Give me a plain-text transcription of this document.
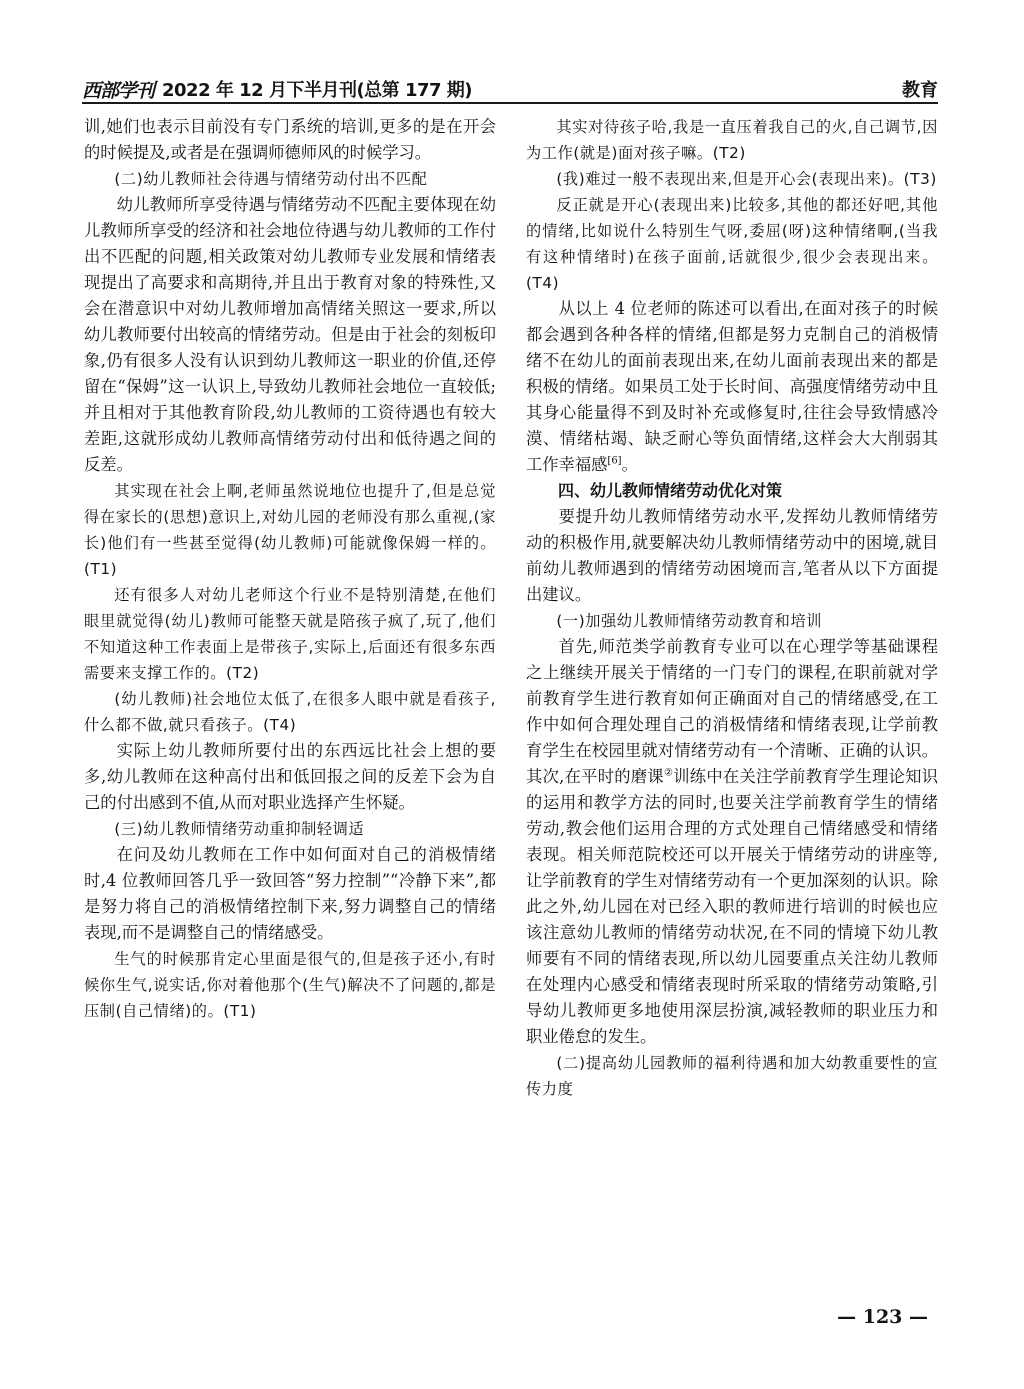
西部学刊 2022 年 12 月下半月刊(总第 177 期)	教育

训,她们也表示目前没有专门系统的培训,更多的是在开会的时候提及,或者是在强调师德师风的时候学习。

(二)幼儿教师社会待遇与情绪劳动付出不匹配

幼儿教师所享受待遇与情绪劳动不匹配主要体现在幼儿教师所享受的经济和社会地位待遇与幼儿教师的工作付出不匹配的问题,相关政策对幼儿教师专业发展和情绪表现提出了高要求和高期待,并且出于教育对象的特殊性,又会在潜意识中对幼儿教师增加高情绪关照这一要求,所以幼儿教师要付出较高的情绪劳动。但是由于社会的刻板印象,仍有很多人没有认识到幼儿教师这一职业的价值,还停留在“保姆”这一认识上,导致幼儿教师社会地位一直较低;并且相对于其他教育阶段,幼儿教师的工资待遇也有较大差距,这就形成幼儿教师高情绪劳动付出和低待遇之间的反差。

其实现在社会上啊,老师虽然说地位也提升了,但是总觉得在家长的(思想)意识上,对幼儿园的老师没有那么重视,(家长)他们有一些甚至觉得(幼儿教师)可能就像保姆一样的。(T1)

还有很多人对幼儿老师这个行业不是特别清楚,在他们眼里就觉得(幼儿)教师可能整天就是陪孩子疯了,玩了,他们不知道这种工作表面上是带孩子,实际上,后面还有很多东西需要来支撑工作的。(T2)

(幼儿教师)社会地位太低了,在很多人眼中就是看孩子,什么都不做,就只看孩子。(T4)

实际上幼儿教师所要付出的东西远比社会上想的要多,幼儿教师在这种高付出和低回报之间的反差下会为自己的付出感到不值,从而对职业选择产生怀疑。

(三)幼儿教师情绪劳动重抑制轻调适

在问及幼儿教师在工作中如何面对自己的消极情绪时,4 位教师回答几乎一致回答“努力控制”“冷静下来”,都是努力将自己的消极情绪控制下来,努力调整自己的情绪表现,而不是调整自己的情绪感受。

生气的时候那肯定心里面是很气的,但是孩子还小,有时候你生气,说实话,你对着他那个(生气)解决不了问题的,都是压制(自己情绪)的。(T1)

其实对待孩子哈,我是一直压着我自己的火,自己调节,因为工作(就是)面对孩子嘛。(T2)

(我)难过一般不表现出来,但是开心会(表现出来)。(T3)

反正就是开心(表现出来)比较多,其他的都还好吧,其他的情绪,比如说什么特别生气呀,委屈(呀)这种情绪啊,(当我有这种情绪时)在孩子面前,话就很少,很少会表现出来。(T4)

从以上 4 位老师的陈述可以看出,在面对孩子的时候都会遇到各种各样的情绪,但都是努力克制自己的消极情绪不在幼儿的面前表现出来,在幼儿面前表现出来的都是积极的情绪。如果员工处于长时间、高强度情绪劳动中且其身心能量得不到及时补充或修复时,往往会导致情感冷漠、情绪枯竭、缺乏耐心等负面情绪,这样会大大削弱其工作幸福感[6]。

四、幼儿教师情绪劳动优化对策

要提升幼儿教师情绪劳动水平,发挥幼儿教师情绪劳动的积极作用,就要解决幼儿教师情绪劳动中的困境,就目前幼儿教师遇到的情绪劳动困境而言,笔者从以下方面提出建议。

(一)加强幼儿教师情绪劳动教育和培训

首先,师范类学前教育专业可以在心理学等基础课程之上继续开展关于情绪的一门专门的课程,在职前就对学前教育学生进行教育如何正确面对自己的情绪感受,在工作中如何合理处理自己的消极情绪和情绪表现,让学前教育学生在校园里就对情绪劳动有一个清晰、正确的认识。其次,在平时的磨课②训练中在关注学前教育学生理论知识的运用和教学方法的同时,也要关注学前教育学生的情绪劳动,教会他们运用合理的方式处理自己情绪感受和情绪表现。相关师范院校还可以开展关于情绪劳动的讲座等,让学前教育的学生对情绪劳动有一个更加深刻的认识。除此之外,幼儿园在对已经入职的教师进行培训的时候也应该注意幼儿教师的情绪劳动状况,在不同的情境下幼儿教师要有不同的情绪表现,所以幼儿园要重点关注幼儿教师在处理内心感受和情绪表现时所采取的情绪劳动策略,引导幼儿教师更多地使用深层扮演,减轻教师的职业压力和职业倦怠的发生。

(二)提高幼儿园教师的福利待遇和加大幼教重要性的宣传力度

— 123 —
